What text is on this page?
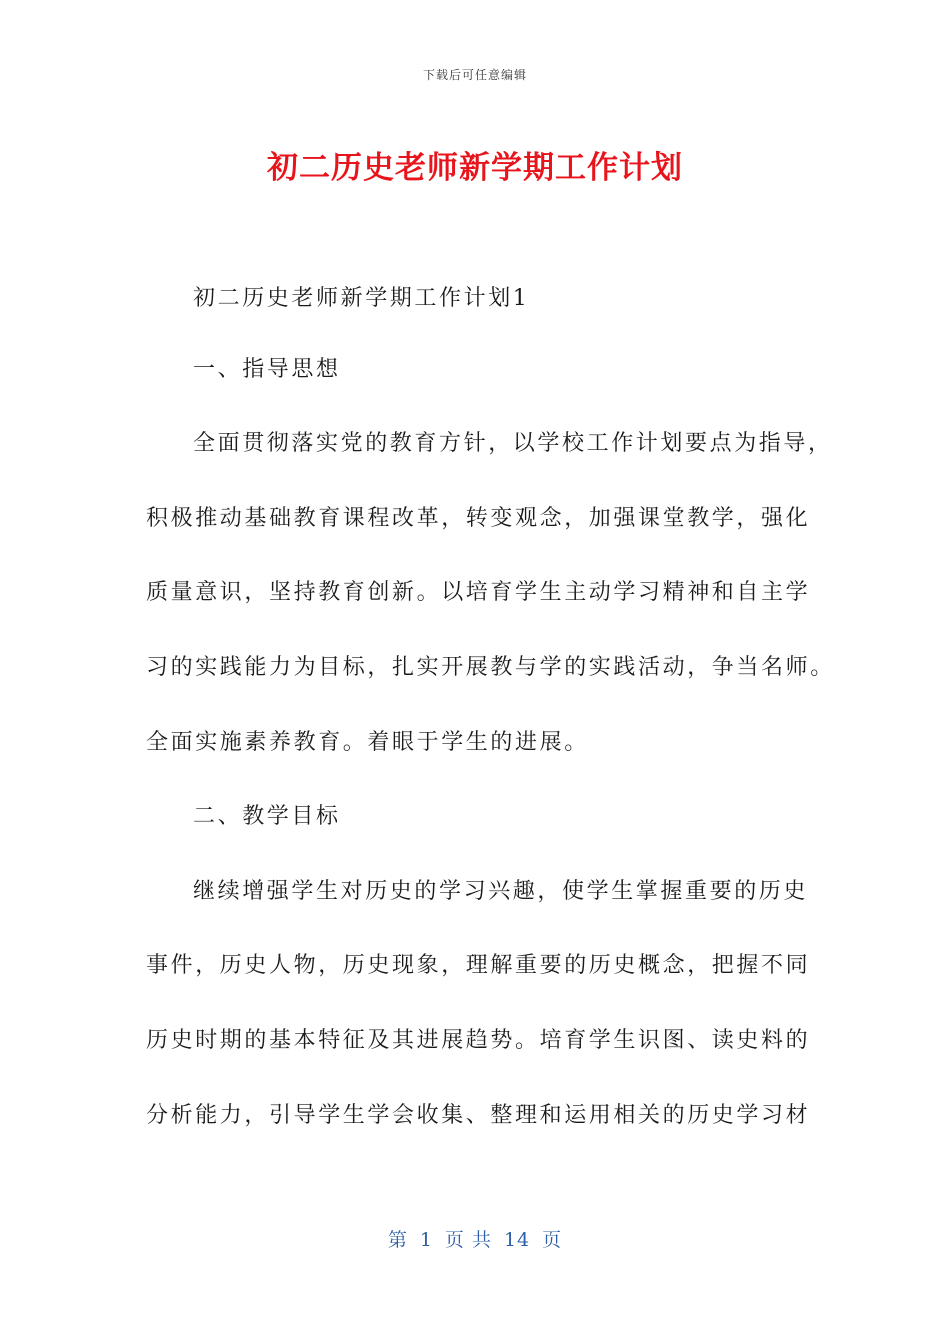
下载后可任意编辑
初二历史老师新学期工作计划
初二历史老师新学期工作计划1
一、指导思想
全面贯彻落实党的教育方针，以学校工作计划要点为指导，
积极推动基础教育课程改革，转变观念，加强课堂教学，强化
质量意识，坚持教育创新。以培育学生主动学习精神和自主学
习的实践能力为目标，扎实开展教与学的实践活动，争当名师。
全面实施素养教育。着眼于学生的进展。
二、教学目标
继续增强学生对历史的学习兴趣，使学生掌握重要的历史
事件，历史人物，历史现象，理解重要的历史概念，把握不同
历史时期的基本特征及其进展趋势。培育学生识图、读史料的
分析能力，引导学生学会收集、整理和运用相关的历史学习材
第 1 页 共 14 页
